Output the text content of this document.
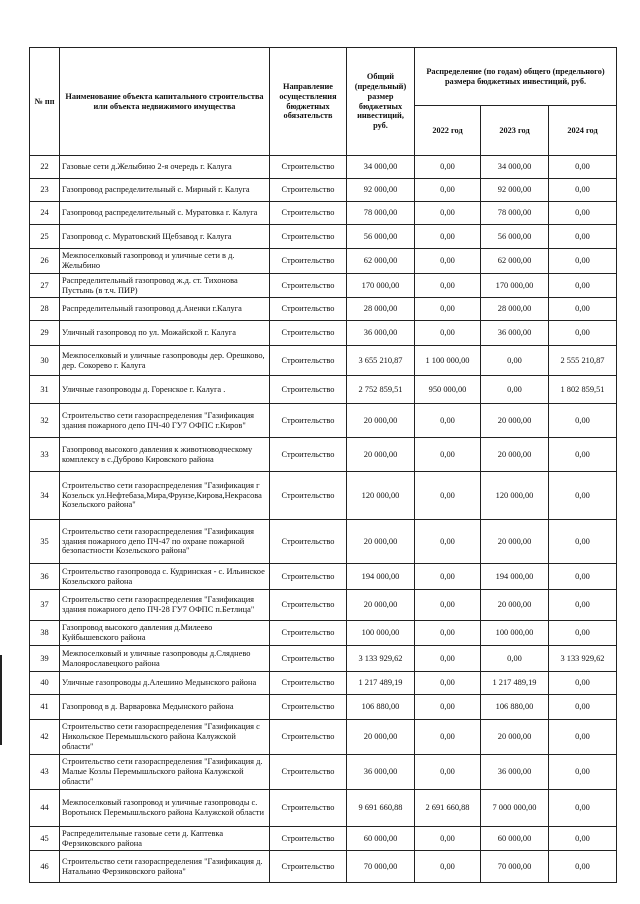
№ пп	Наименование объекта капитального строительства или объекта недвижимого имущества	Направление осуществления бюджетных обязательств	Общий (предельный) размер бюджетных инвестиций, руб.	Распределение (по годам) общего (предельного) размера бюджетных инвестиций, руб.		
				2022 год	2023 год	2024 год
22	Газовые сети д.Желыбино 2-я очередь г. Калуга	Строительство	34 000,00	0,00	34 000,00	0,00
23	Газопровод распределительный с. Мирный г. Калуга	Строительство	92 000,00	0,00	92 000,00	0,00
24	Газопровод распределительный с. Муратовка г. Калуга	Строительство	78 000,00	0,00	78 000,00	0,00
25	Газопровод с. Муратовский Щебзавод г. Калуга	Строительство	56 000,00	0,00	56 000,00	0,00
26	Межпоселковый газопровод и уличные сети в д. Желыбино	Строительство	62 000,00	0,00	62 000,00	0,00
27	Распределительный газопровод ж.д. ст. Тихонова Пустынь (в т.ч. ПИР)	Строительство	170 000,00	0,00	170 000,00	0,00
28	Распределительный газопровод д.Аненки г.Калуга	Строительство	28 000,00	0,00	28 000,00	0,00
29	Уличный газопровод по ул. Можайской г. Калуга	Строительство	36 000,00	0,00	36 000,00	0,00
30	Межпоселковый и уличные газопроводы дер. Орешково, дер. Сокорево г. Калуга	Строительство	3 655 210,87	1 100 000,00	0,00	2 555 210,87
31	Уличные газопроводы д. Горенское г. Калуга .	Строительство	2 752 859,51	950 000,00	0,00	1 802 859,51
32	Строительство сети газораспределения "Газификация здания пожарного депо ПЧ-40 ГУ7 ОФПС г.Киров"	Строительство	20 000,00	0,00	20 000,00	0,00
33	Газопровод высокого давления к животноводческому комплексу в с.Дуброво Кировского района	Строительство	20 000,00	0,00	20 000,00	0,00
34	Строительство сети газораспределения "Газификация г Козельск ул.Нефтебаза,Мира,Фрунзе,Кирова,Некрасова Козельского района"	Строительство	120 000,00	0,00	120 000,00	0,00
35	Строительство сети газораспределения "Газификация здания пожарного депо ПЧ-47 по охране пожарной безопастности Козельского района"	Строительство	20 000,00	0,00	20 000,00	0,00
36	Строительство газопровода с. Кудринская - с. Ильинское Козельского района	Строительство	194 000,00	0,00	194 000,00	0,00
37	Строительство сети газораспределения "Газификация здания пожарного депо ПЧ-28 ГУ7 ОФПС п.Бетлица"	Строительство	20 000,00	0,00	20 000,00	0,00
38	Газопровод высокого давления д.Милеево Куйбышевского района	Строительство	100 000,00	0,00	100 000,00	0,00
39	Межпоселковый и уличные газопроводы д.Сляднево Малоярославецкого района	Строительство	3 133 929,62	0,00	0,00	3 133 929,62
40	Уличные газопроводы д.Алешино Медынского района	Строительство	1 217 489,19	0,00	1 217 489,19	0,00
41	Газопровод в д. Варваровка Медынского района	Строительство	106 880,00	0,00	106 880,00	0,00
42	Строительство сети газораспределения "Газификация с Никольское Перемышльского района Калужской области"	Строительство	20 000,00	0,00	20 000,00	0,00
43	Строительство сети газораспределения "Газификация д. Малые Козлы Перемышльского района Калужской области"	Строительство	36 000,00	0,00	36 000,00	0,00
44	Межпоселковый газопровод и уличные газопроводы с. Воротынск Перемышльского района Калужской области	Строительство	9 691 660,88	2 691 660,88	7 000 000,00	0,00
45	Распределительные газовые сети д. Каптевка Ферзиковского района	Строительство	60 000,00	0,00	60 000,00	0,00
46	Строительство сети газораспределения "Газификация д. Натальино Ферзиковского района"	Строительство	70 000,00	0,00	70 000,00	0,00
